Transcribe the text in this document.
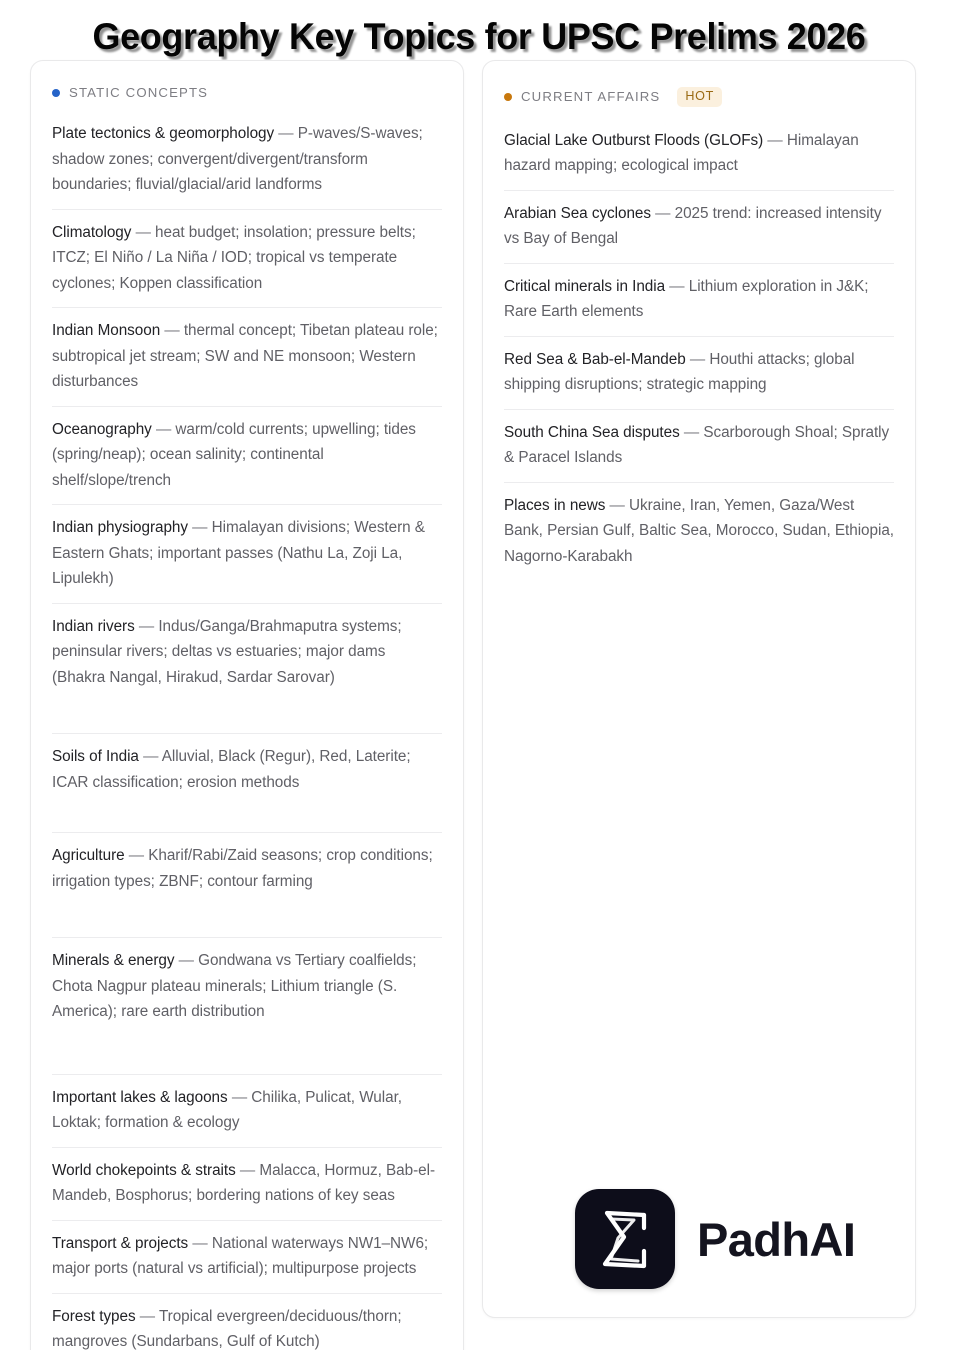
Geography Key Topics for UPSC Prelims 2026
STATIC CONCEPTS
Plate tectonics & geomorphology — P-waves/S-waves; shadow zones; convergent/divergent/transform boundaries; fluvial/glacial/arid landforms
Climatology — heat budget; insolation; pressure belts; ITCZ; El Niño / La Niña / IOD; tropical vs temperate cyclones; Koppen classification
Indian Monsoon — thermal concept; Tibetan plateau role; subtropical jet stream; SW and NE monsoon; Western disturbances
Oceanography — warm/cold currents; upwelling; tides (spring/neap); ocean salinity; continental shelf/slope/trench
Indian physiography — Himalayan divisions; Western & Eastern Ghats; important passes (Nathu La, Zoji La, Lipulekh)
Indian rivers — Indus/Ganga/Brahmaputra systems; peninsular rivers; deltas vs estuaries; major dams (Bhakra Nangal, Hirakud, Sardar Sarovar)
Soils of India — Alluvial, Black (Regur), Red, Laterite; ICAR classification; erosion methods
Agriculture — Kharif/Rabi/Zaid seasons; crop conditions; irrigation types; ZBNF; contour farming
Minerals & energy — Gondwana vs Tertiary coalfields; Chota Nagpur plateau minerals; Lithium triangle (S. America); rare earth distribution
Important lakes & lagoons — Chilika, Pulicat, Wular, Loktak; formation & ecology
World chokepoints & straits — Malacca, Hormuz, Bab-el-Mandeb, Bosphorus; bordering nations of key seas
Transport & projects — National waterways NW1–NW6; major ports (natural vs artificial); multipurpose projects
Forest types — Tropical evergreen/deciduous/thorn; mangroves (Sundarbans, Gulf of Kutch)
CURRENT AFFAIRS	HOT
Glacial Lake Outburst Floods (GLOFs) — Himalayan hazard mapping; ecological impact
Arabian Sea cyclones — 2025 trend: increased intensity vs Bay of Bengal
Critical minerals in India — Lithium exploration in J&K; Rare Earth elements
Red Sea & Bab-el-Mandeb — Houthi attacks; global shipping disruptions; strategic mapping
South China Sea disputes — Scarborough Shoal; Spratly & Paracel Islands
Places in news — Ukraine, Iran, Yemen, Gaza/West Bank, Persian Gulf, Baltic Sea, Morocco, Sudan, Ethiopia, Nagorno-Karabakh
PadhAI
